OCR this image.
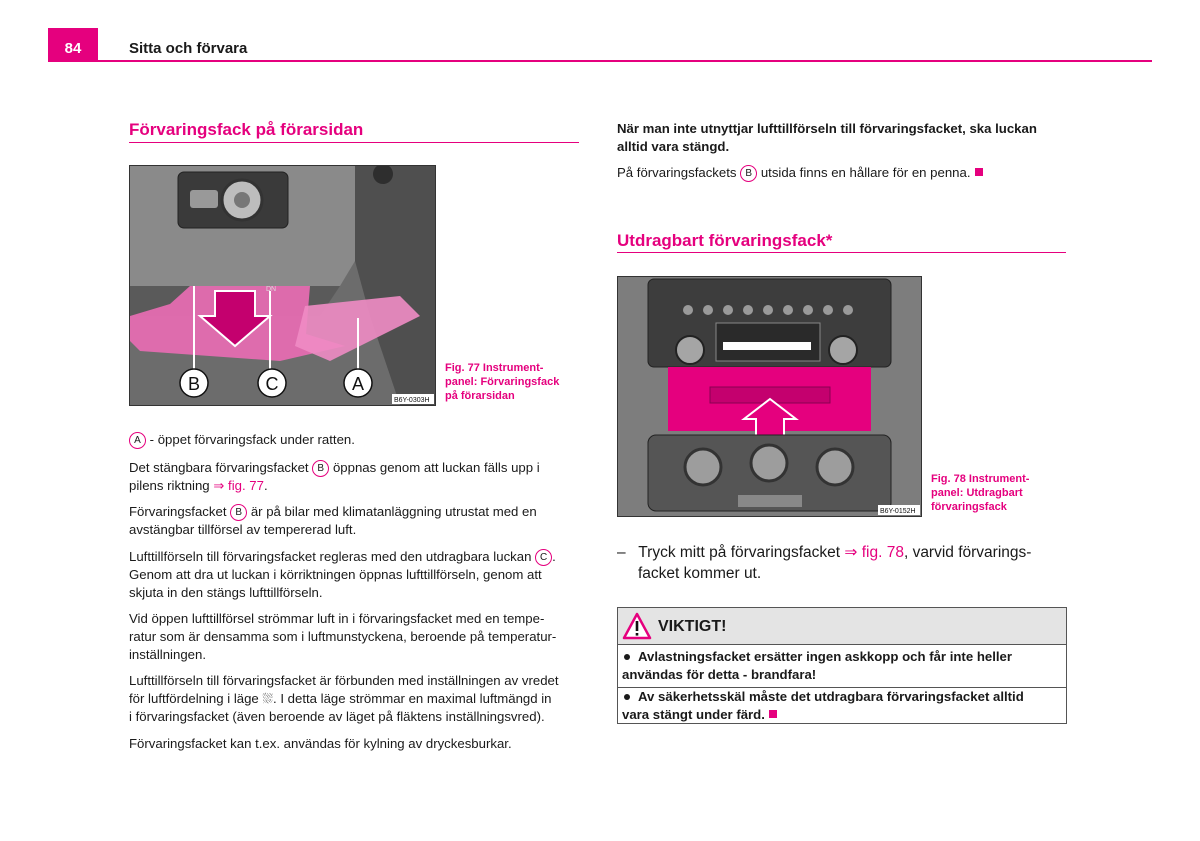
84	Sitta och förvara
Förvaringsfack på förarsidan
DN
B	C	A
B6Y-0303H
Fig. 77 Instrument-
panel: Förvaringsfack
på förarsidan
A - öppet förvaringsfack under ratten.
Det stängbara förvaringsfacket B öppnas genom att luckan fälls upp i
pilens riktning ⇒ fig. 77.
Förvaringsfacket B är på bilar med klimatanläggning utrustat med en
avstängbar tillförsel av tempererad luft.
Lufttillförseln till förvaringsfacket regleras med den utdragbara luckan C .
Genom att dra ut luckan i körriktningen öppnas lufttillförseln, genom att
skjuta in den stängs lufttillförseln.
Vid öppen lufttillförsel strömmar luft in i förvaringsfacket med en tempe-
ratur som är densamma som i luftmunstyckena, beroende på temperatur-
inställningen.
Lufttillförseln till förvaringsfacket är förbunden med inställningen av vredet
för luftfördelning i läge ⛆. I detta läge strömmar en maximal luftmängd in
i förvaringsfacket (även beroende av läget på fläktens inställningsvred).
Förvaringsfacket kan t.ex. användas för kylning av dryckesburkar.
När man inte utnyttjar lufttillförseln till förvaringsfacket, ska luckan
alltid vara stängd.
På förvaringsfackets B utsida finns en hållare för en penna.
Utdragbart förvaringsfack*
B6Y-0152H
Fig. 78 Instrument-
panel: Utdragbart
förvaringsfack
– Tryck mitt på förvaringsfacket ⇒ fig. 78, varvid förvarings-
facket kommer ut.
VIKTIGT!
Avlastningsfacket ersätter ingen askkopp och får inte heller
användas för detta - brandfara!
Av säkerhetsskäl måste det utdragbara förvaringsfacket alltid
vara stängt under färd.
